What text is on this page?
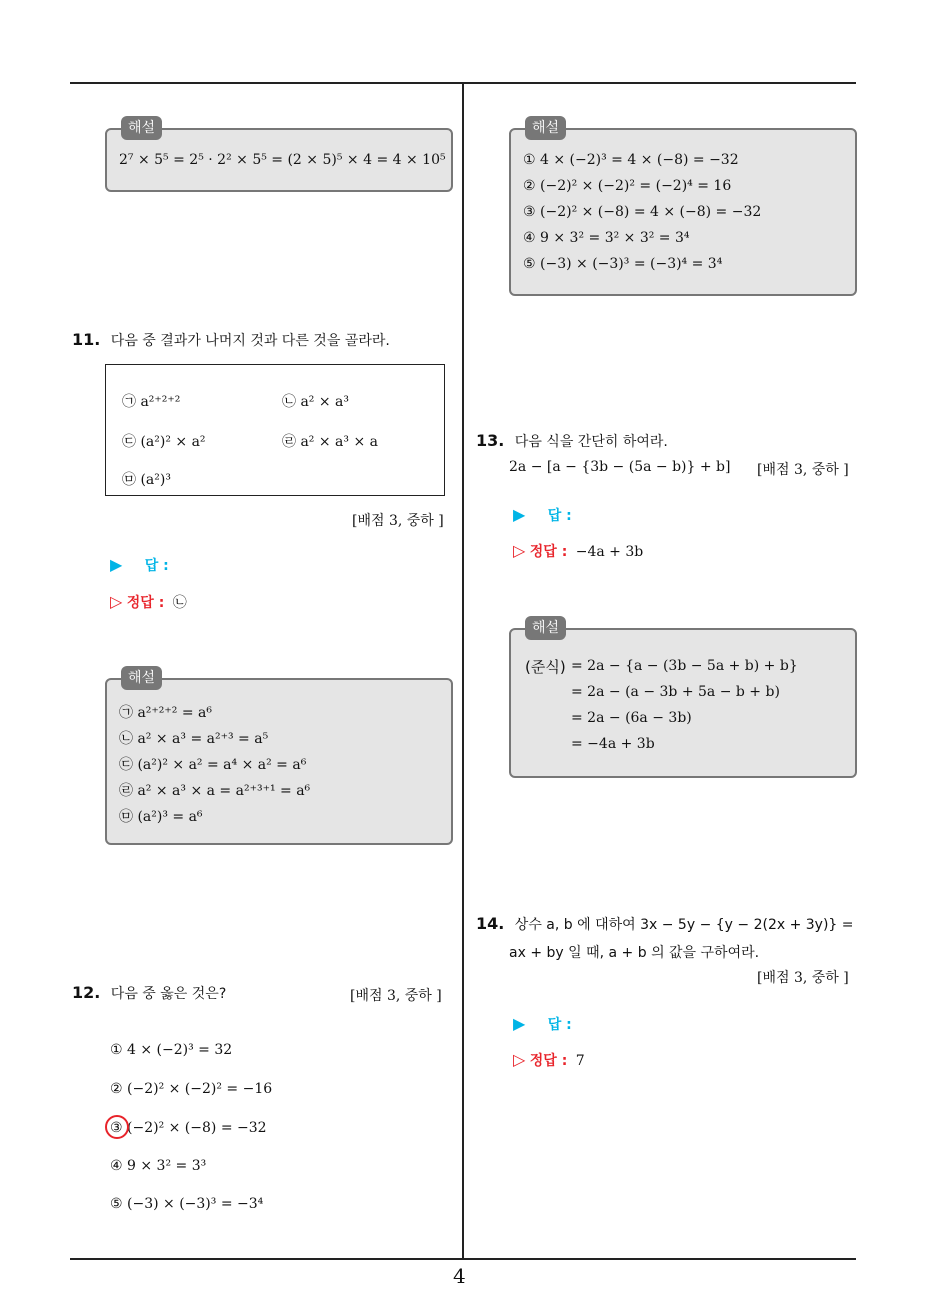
해설
2⁷ × 5⁵ = 2⁵ · 2² × 5⁵ = (2 × 5)⁵ × 4 = 4 × 10⁵
11. 다음 중 결과가 나머지 것과 다른 것을 골라라.
㉠ a²⁺²⁺²	㉡ a² × a³
㉢ (a²)² × a²	㉣ a² × a³ × a
㉤ (a²)³
[배점 3, 중하 ]
▶ 답 :
▷ 정답 : ㉡
해설
㉠ a²⁺²⁺² = a⁶
㉡ a² × a³ = a²⁺³ = a⁵
㉢ (a²)² × a² = a⁴ × a² = a⁶
㉣ a² × a³ × a = a²⁺³⁺¹ = a⁶
㉤ (a²)³ = a⁶
12. 다음 중 옳은 것은?	[배점 3, 중하 ]
① 4 × (−2)³ = 32
② (−2)² × (−2)² = −16
③ (−2)² × (−8) = −32
④ 9 × 3² = 3³
⑤ (−3) × (−3)³ = −3⁴
해설
① 4 × (−2)³ = 4 × (−8) = −32
② (−2)² × (−2)² = (−2)⁴ = 16
③ (−2)² × (−8) = 4 × (−8) = −32
④ 9 × 3² = 3² × 3² = 3⁴
⑤ (−3) × (−3)³ = (−3)⁴ = 3⁴
13. 다음 식을 간단히 하여라.
2a − [a − {3b − (5a − b)} + b] [배점 3, 중하 ]
▶ 답 :
▷ 정답 : −4a + 3b
해설
(준식) = 2a − {a − (3b − 5a + b) + b}
= 2a − (a − 3b + 5a − b + b)
= 2a − (6a − 3b)
= −4a + 3b
14. 상수 a, b 에 대하여 3x − 5y − {y − 2(2x + 3y)} =
ax + by 일 때, a + b 의 값을 구하여라.
[배점 3, 중하 ]
▶ 답 :
▷ 정답 : 7
4
